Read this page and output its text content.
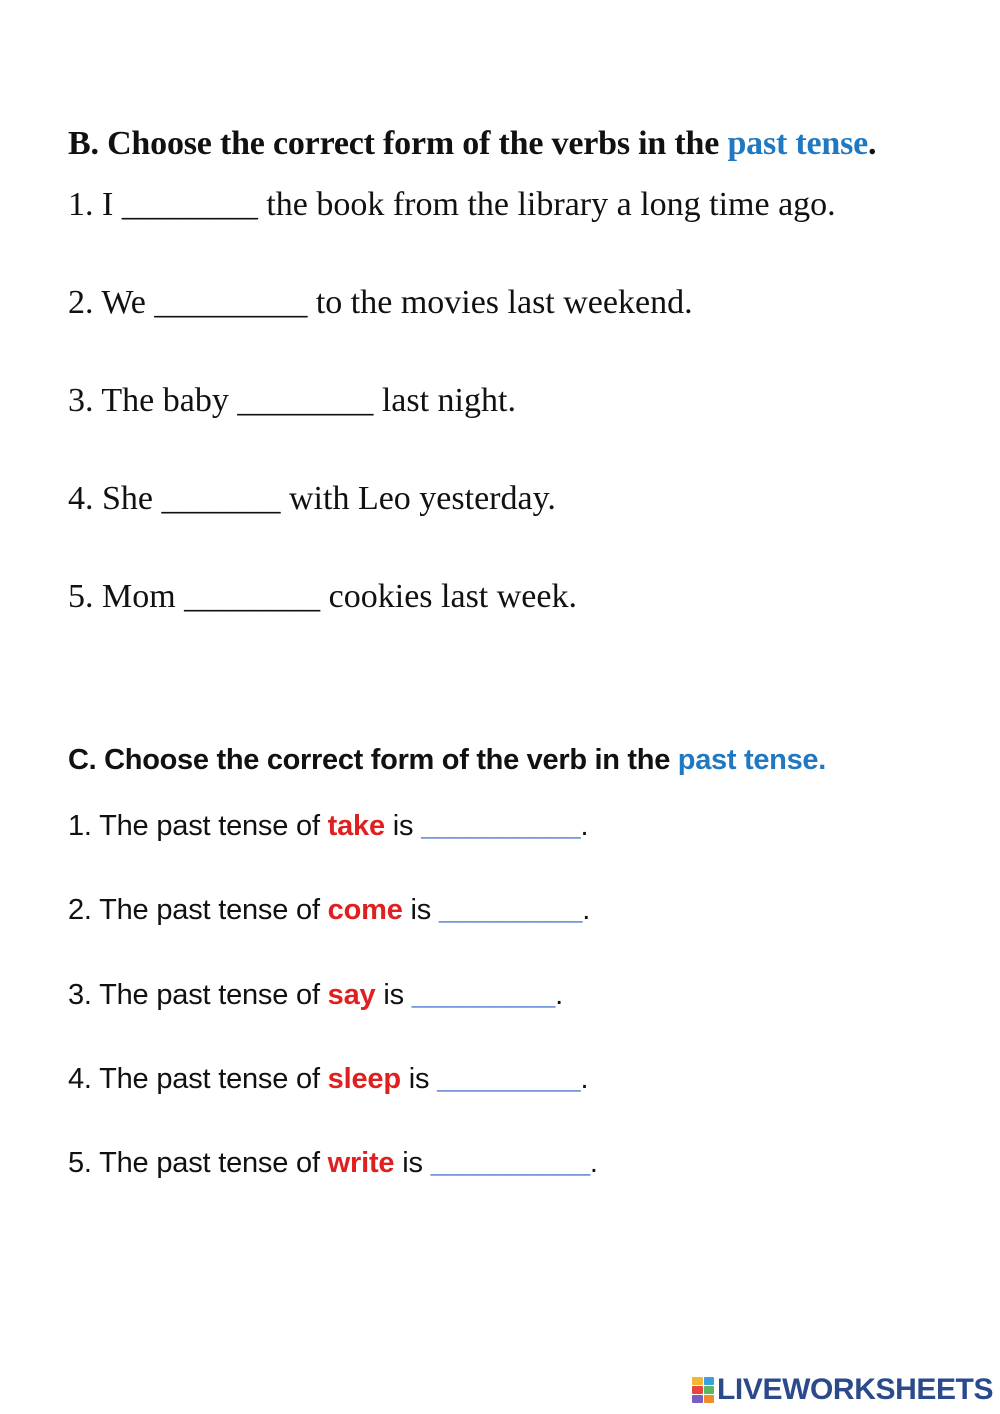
B. Choose the correct form of the verbs in the past tense.
1. I ________ the book from the library a long time ago.
2. We _________ to the movies last weekend.
3. The baby ________ last night.
4. She _______ with Leo yesterday.
5. Mom ________ cookies last week.
C. Choose the correct form of the verb in the past tense.
1. The past tense of take is __________.
2. The past tense of come is _________.
3. The past tense of say is _________.
4. The past tense of sleep is _________.
5. The past tense of write is __________.
LIVEWORKSHEETS
